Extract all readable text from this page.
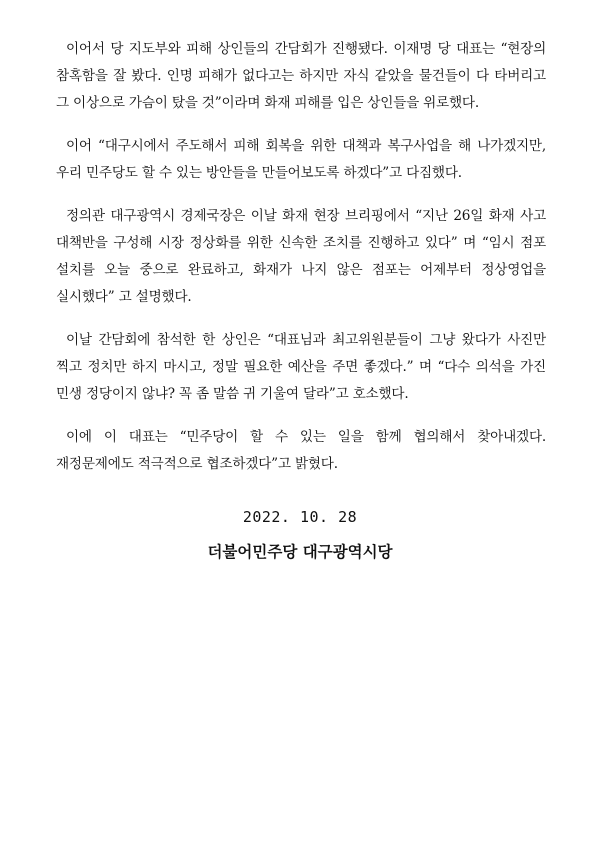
이어서 당 지도부와 피해 상인들의 간담회가 진행됐다. 이재명 당 대표는 “현장의 참혹함을 잘 봤다. 인명 피해가 없다고는 하지만 자식 같았을 물건들이 다 타버리고 그 이상으로 가슴이 탔을 것”이라며 화재 피해를 입은 상인들을 위로했다.

이어 “대구시에서 주도해서 피해 회복을 위한 대책과 복구사업을 해 나가겠지만, 우리 민주당도 할 수 있는 방안들을 만들어보도록 하겠다”고 다짐했다.

정의관 대구광역시 경제국장은 이날 화재 현장 브리핑에서 “지난 26일 화재 사고 대책반을 구성해 시장 정상화를 위한 신속한 조치를 진행하고 있다” 며 “임시 점포 설치를 오늘 중으로 완료하고, 화재가 나지 않은 점포는 어제부터 정상영업을 실시했다” 고 설명했다.

이날 간담회에 참석한 한 상인은 “대표님과 최고위원분들이 그냥 왔다가 사진만 찍고 정치만 하지 마시고, 정말 필요한 예산을 주면 좋겠다.” 며 “다수 의석을 가진 민생 정당이지 않냐? 꼭 좀 말씀 귀 기울여 달라”고 호소했다.

이에 이 대표는 “민주당이 할 수 있는 일을 함께 협의해서 찾아내겠다. 재정문제에도 적극적으로 협조하겠다”고 밝혔다.

2022. 10. 28
더불어민주당 대구광역시당
